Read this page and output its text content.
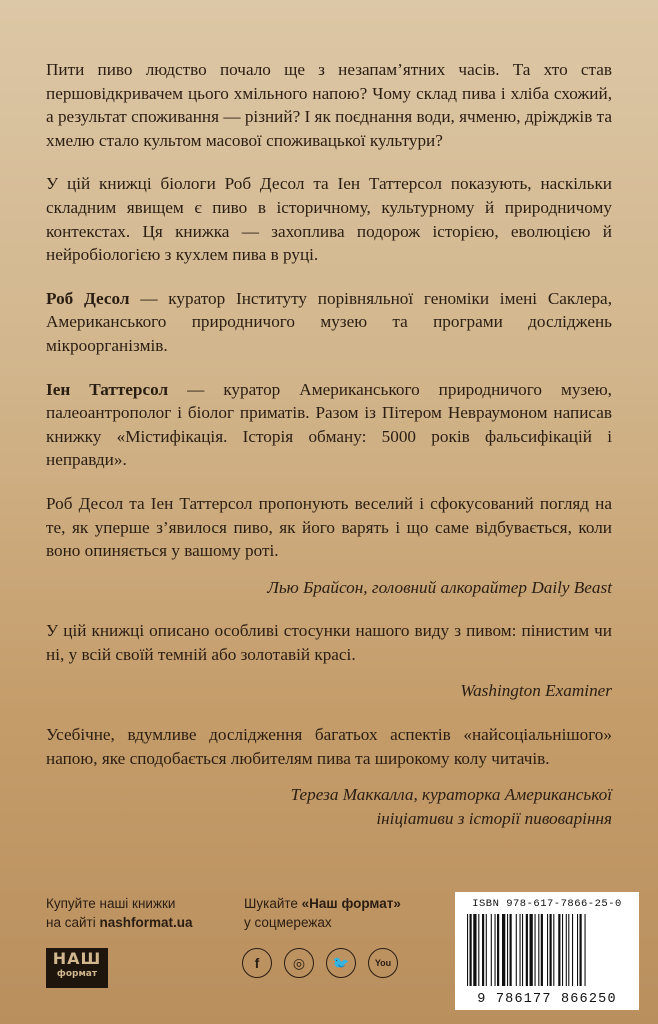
Пити пиво людство почало ще з незапам’ятних часів. Та хто став першовідкривачем цього хмільного напою? Чому склад пива і хліба схожий, а результат споживання — різний? І як поєднання води, ячменю, дріжджів та хмелю стало культом масової споживацької культури?

У цій книжці біологи Роб Десол та Іен Таттерсол показують, наскільки складним явищем є пиво в історичному, культурному й природничому контекстах. Ця книжка — захоплива подорож історією, еволюцією й нейробіологією з кухлем пива в руці.

Роб Десол — куратор Інституту порівняльної геноміки імені Саклера, Американського природничого музею та програми досліджень мікроорганізмів.

Іен Таттерсол — куратор Американського природничого музею, палеоантрополог і біолог приматів. Разом із Пітером Невраумоном написав книжку «Містифікація. Історія обману: 5000 років фальсифікацій і неправди».

Роб Десол та Іен Таттерсол пропонують веселий і сфокусований погляд на те, як уперше з’явилося пиво, як його варять і що саме відбувається, коли воно опиняється у вашому роті.

Лью Брайсон, головний алкорайтер Daily Beast

У цій книжці описано особливі стосунки нашого виду з пивом: пінистим чи ні, у всій своїй темній або золотавій красі.

Washington Examiner

Усебічне, вдумливе дослідження багатьох аспектів «найсоціальнішого» напою, яке сподобається любителям пива та широкому колу читачів.

Тереза Маккалла, кураторка Американської
ініціативи з історії пивоваріння
Купуйте наші книжки
на сайті nashformat.ua
Шукайте «Наш формат»
у соцмережах
НАШ
формат
f	◎	🐦	You
ISBN 978-617-7866-25-0
9 786177 866250
